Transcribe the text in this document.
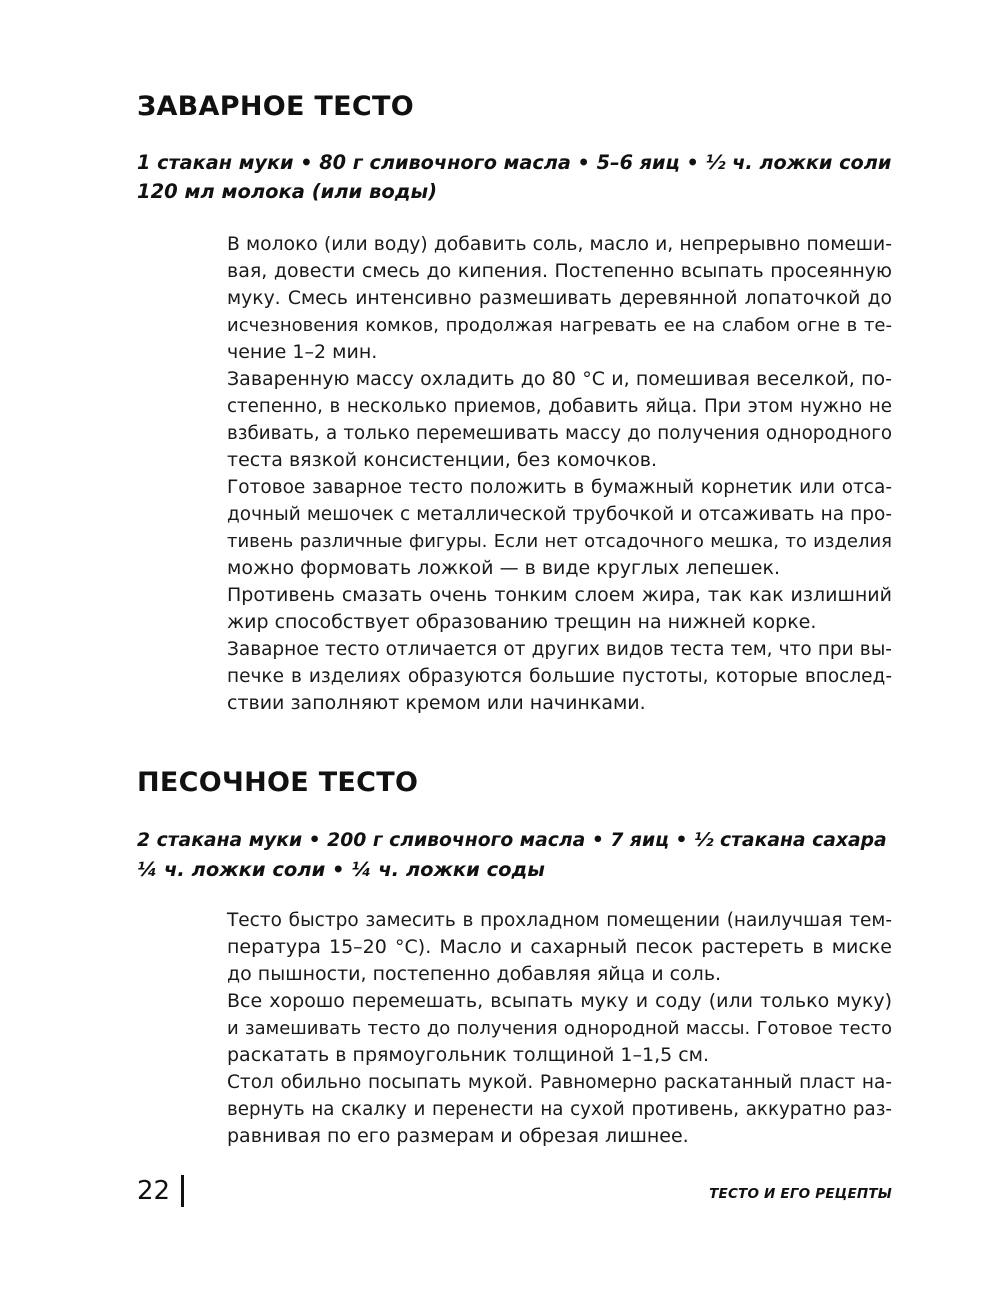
ЗАВАРНОЕ ТЕСТО
1 стакан муки • 80 г сливочного масла • 5–6 яиц • ½ ч. ложки соли
120 мл молока (или воды)
В молоко (или воду) добавить соль, масло и, непрерывно помеши-
вая, довести смесь до кипения. Постепенно всыпать просеянную
муку. Смесь интенсивно размешивать деревянной лопаточкой до
исчезновения комков, продолжая нагревать ее на слабом огне в те-
чение 1–2 мин.
Заваренную массу охладить до 80 °С и, помешивая веселкой, по-
степенно, в несколько приемов, добавить яйца. При этом нужно не
взбивать, а только перемешивать массу до получения однородного
теста вязкой консистенции, без комочков.
Готовое заварное тесто положить в бумажный корнетик или отса-
дочный мешочек с металлической трубочкой и отсаживать на про-
тивень различные фигуры. Если нет отсадочного мешка, то изделия
можно формовать ложкой — в виде круглых лепешек.
Противень смазать очень тонким слоем жира, так как излишний
жир способствует образованию трещин на нижней корке.
Заварное тесто отличается от других видов теста тем, что при вы-
печке в изделиях образуются большие пустоты, которые впослед-
ствии заполняют кремом или начинками.
ПЕСОЧНОЕ ТЕСТО
2 стакана муки • 200 г сливочного масла • 7 яиц • ½ стакана сахара
¼ ч. ложки соли • ¼ ч. ложки соды
Тесто быстро замесить в прохладном помещении (наилучшая тем-
пература 15–20 °С). Масло и сахарный песок растереть в миске
до пышности, постепенно добавляя яйца и соль.
Все хорошо перемешать, всыпать муку и соду (или только муку)
и замешивать тесто до получения однородной массы. Готовое тесто
раскатать в прямоугольник толщиной 1–1,5 см.
Стол обильно посыпать мукой. Равномерно раскатанный пласт на-
вернуть на скалку и перенести на сухой противень, аккуратно раз-
равнивая по его размерам и обрезая лишнее.
22	ТЕСТО И ЕГО РЕЦЕПТЫ
